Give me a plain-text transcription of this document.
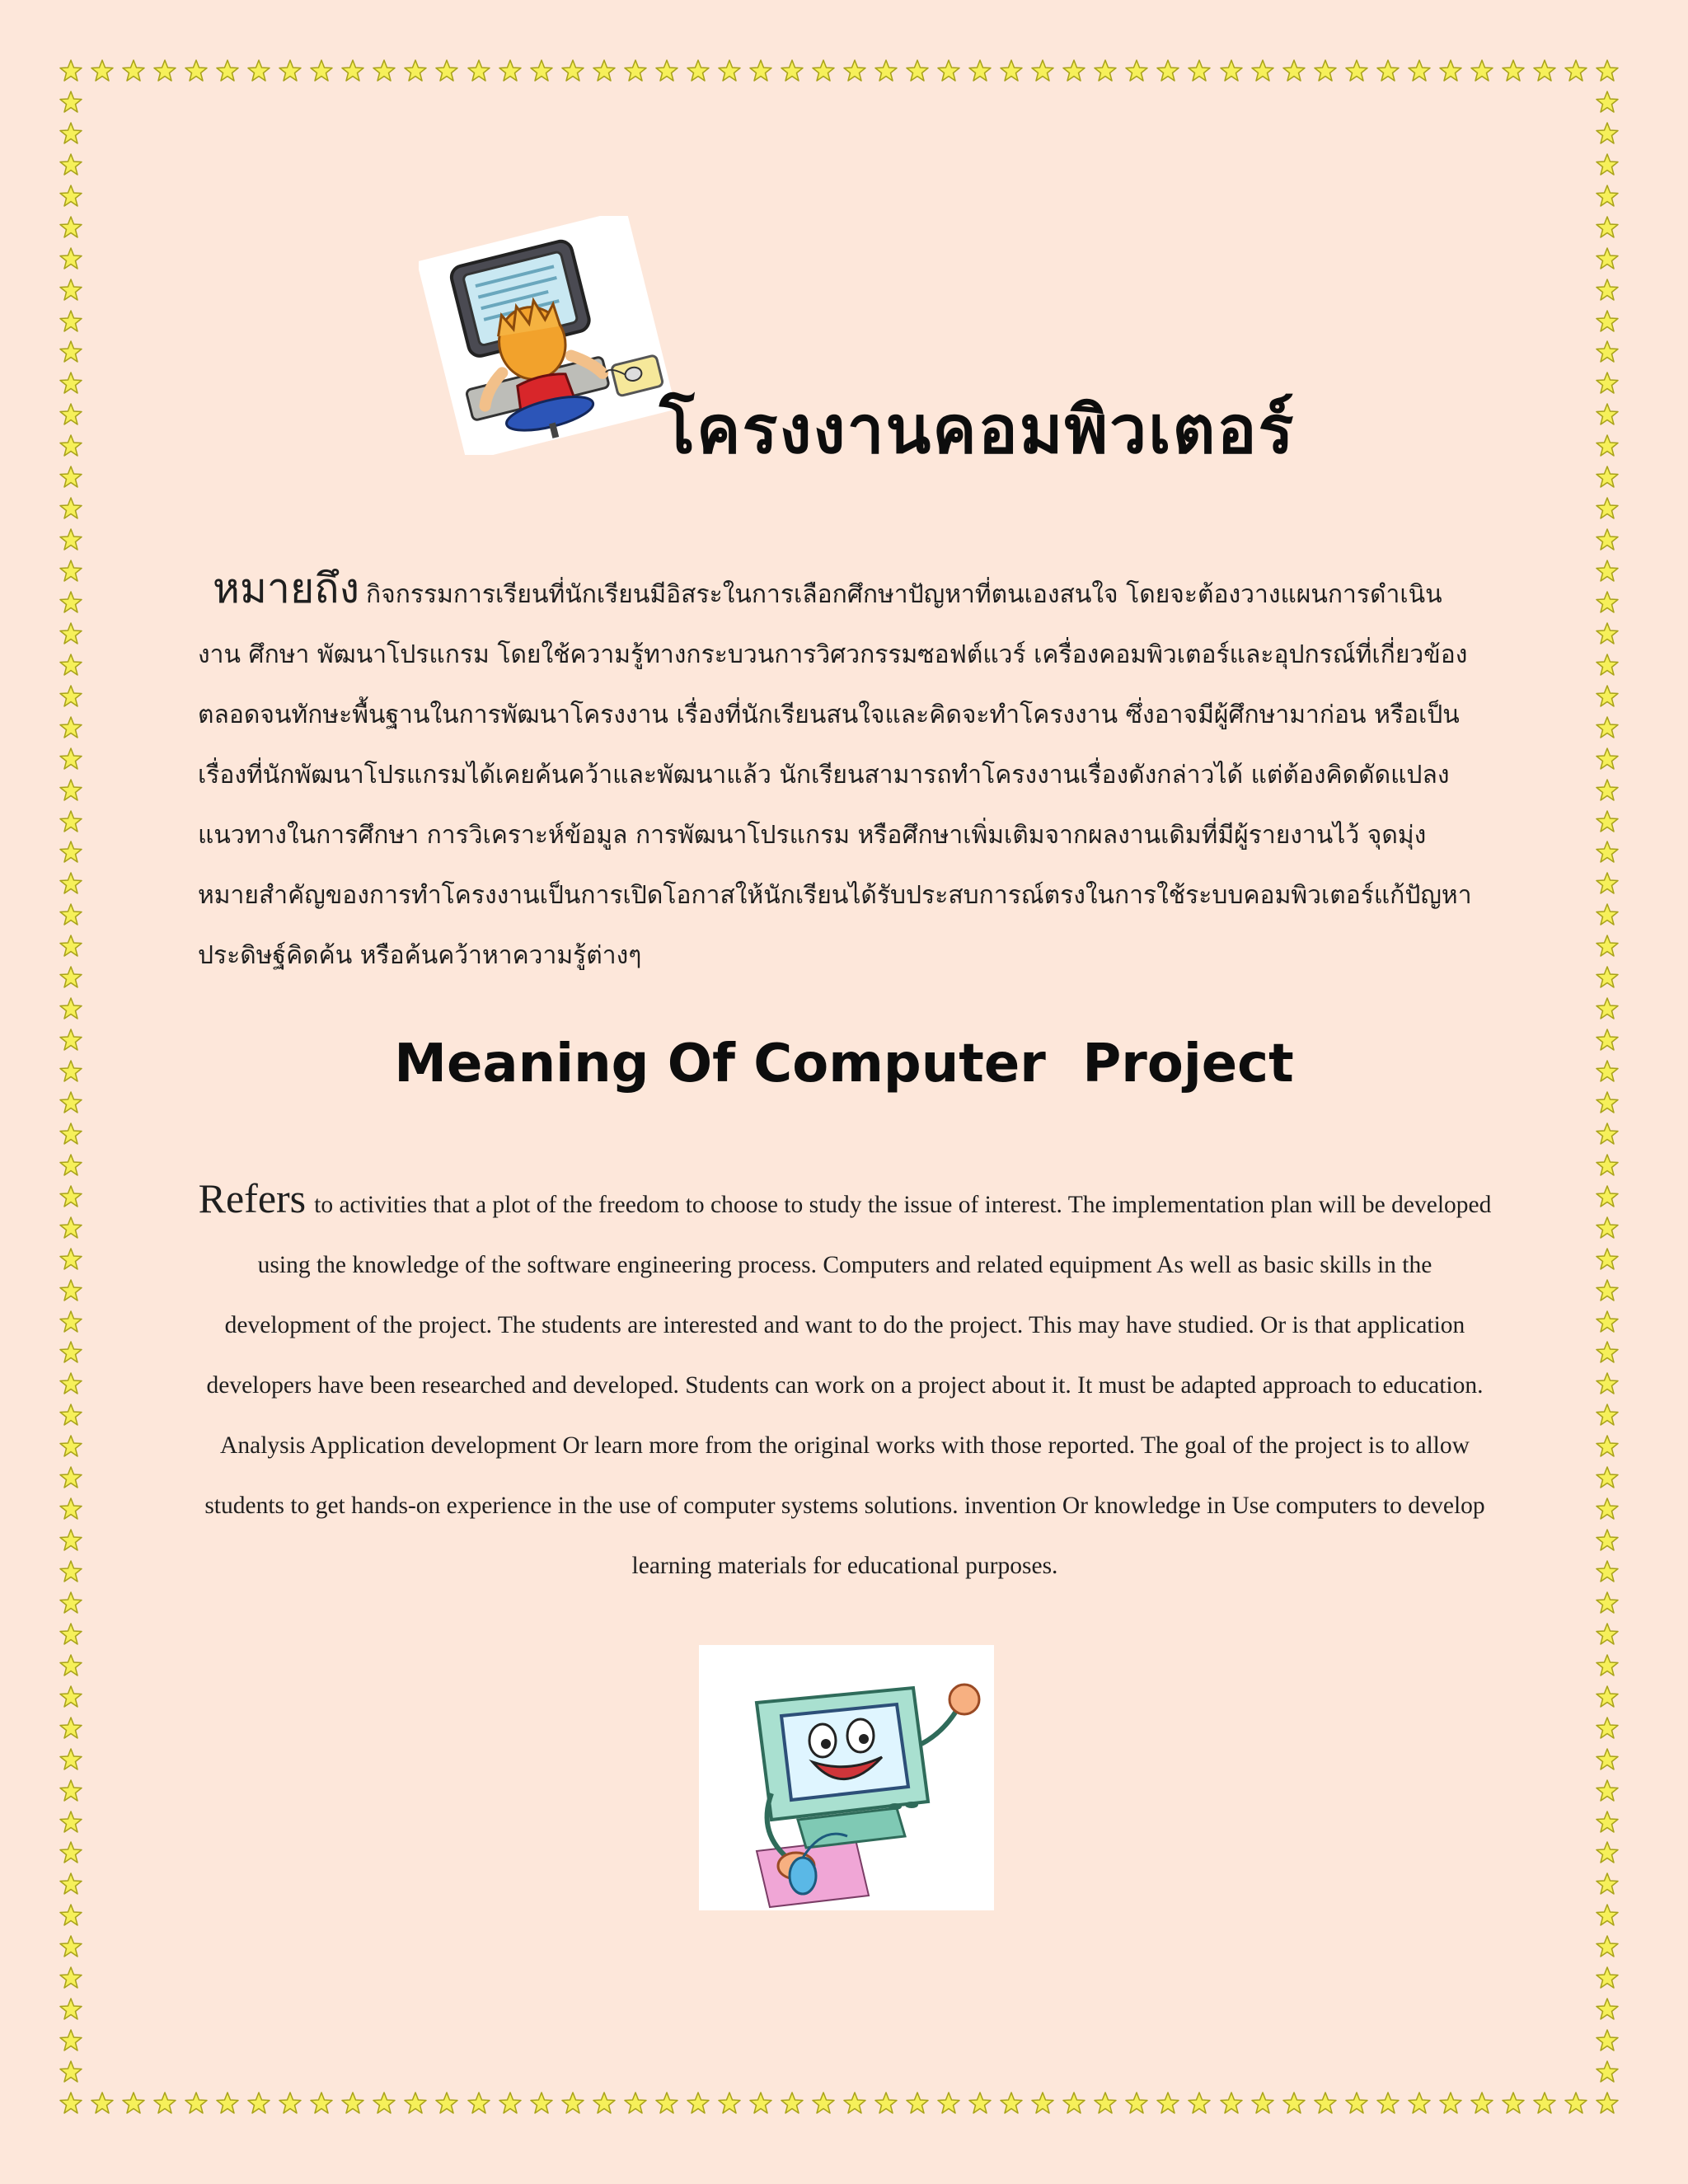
โครงงานคอมพิวเตอร์

หมายถึง กิจกรรมการเรียนที่นักเรียนมีอิสระในการเลือกศึกษาปัญหาที่ตนเองสนใจ โดยจะต้องวางแผนการดำเนินงาน ศึกษา พัฒนาโปรแกรม โดยใช้ความรู้ทางกระบวนการวิศวกรรมซอฟต์แวร์ เครื่องคอมพิวเตอร์และอุปกรณ์ที่เกี่ยวข้อง ตลอดจนทักษะพื้นฐานในการพัฒนาโครงงาน เรื่องที่นักเรียนสนใจและคิดจะทำโครงงาน ซึ่งอาจมีผู้ศึกษามาก่อน หรือเป็นเรื่องที่นักพัฒนาโปรแกรมได้เคยค้นคว้าและพัฒนาแล้ว นักเรียนสามารถทำโครงงานเรื่องดังกล่าวได้ แต่ต้องคิดดัดแปลงแนวทางในการศึกษา การวิเคราะห์ข้อมูล การพัฒนาโปรแกรม หรือศึกษาเพิ่มเติมจากผลงานเดิมที่มีผู้รายงานไว้ จุดมุ่งหมายสำคัญของการทำโครงงานเป็นการเปิดโอกาสให้นักเรียนได้รับประสบการณ์ตรงในการใช้ระบบคอมพิวเตอร์แก้ปัญหา ประดิษฐ์คิดค้น หรือค้นคว้าหาความรู้ต่างๆ

Meaning Of Computer  Project

Refers to activities that a plot of the freedom to choose to study the issue of interest. The implementation plan will be developed using the knowledge of the software engineering process. Computers and related equipment As well as basic skills in the development of the project. The students are interested and want to do the project. This may have studied. Or is that application developers have been researched and developed. Students can work on a project about it. It must be adapted approach to education. Analysis Application development Or learn more from the original works with those reported. The goal of the project is to allow students to get hands-on experience in the use of computer systems solutions. invention Or knowledge in Use computers to develop learning materials for educational purposes.
